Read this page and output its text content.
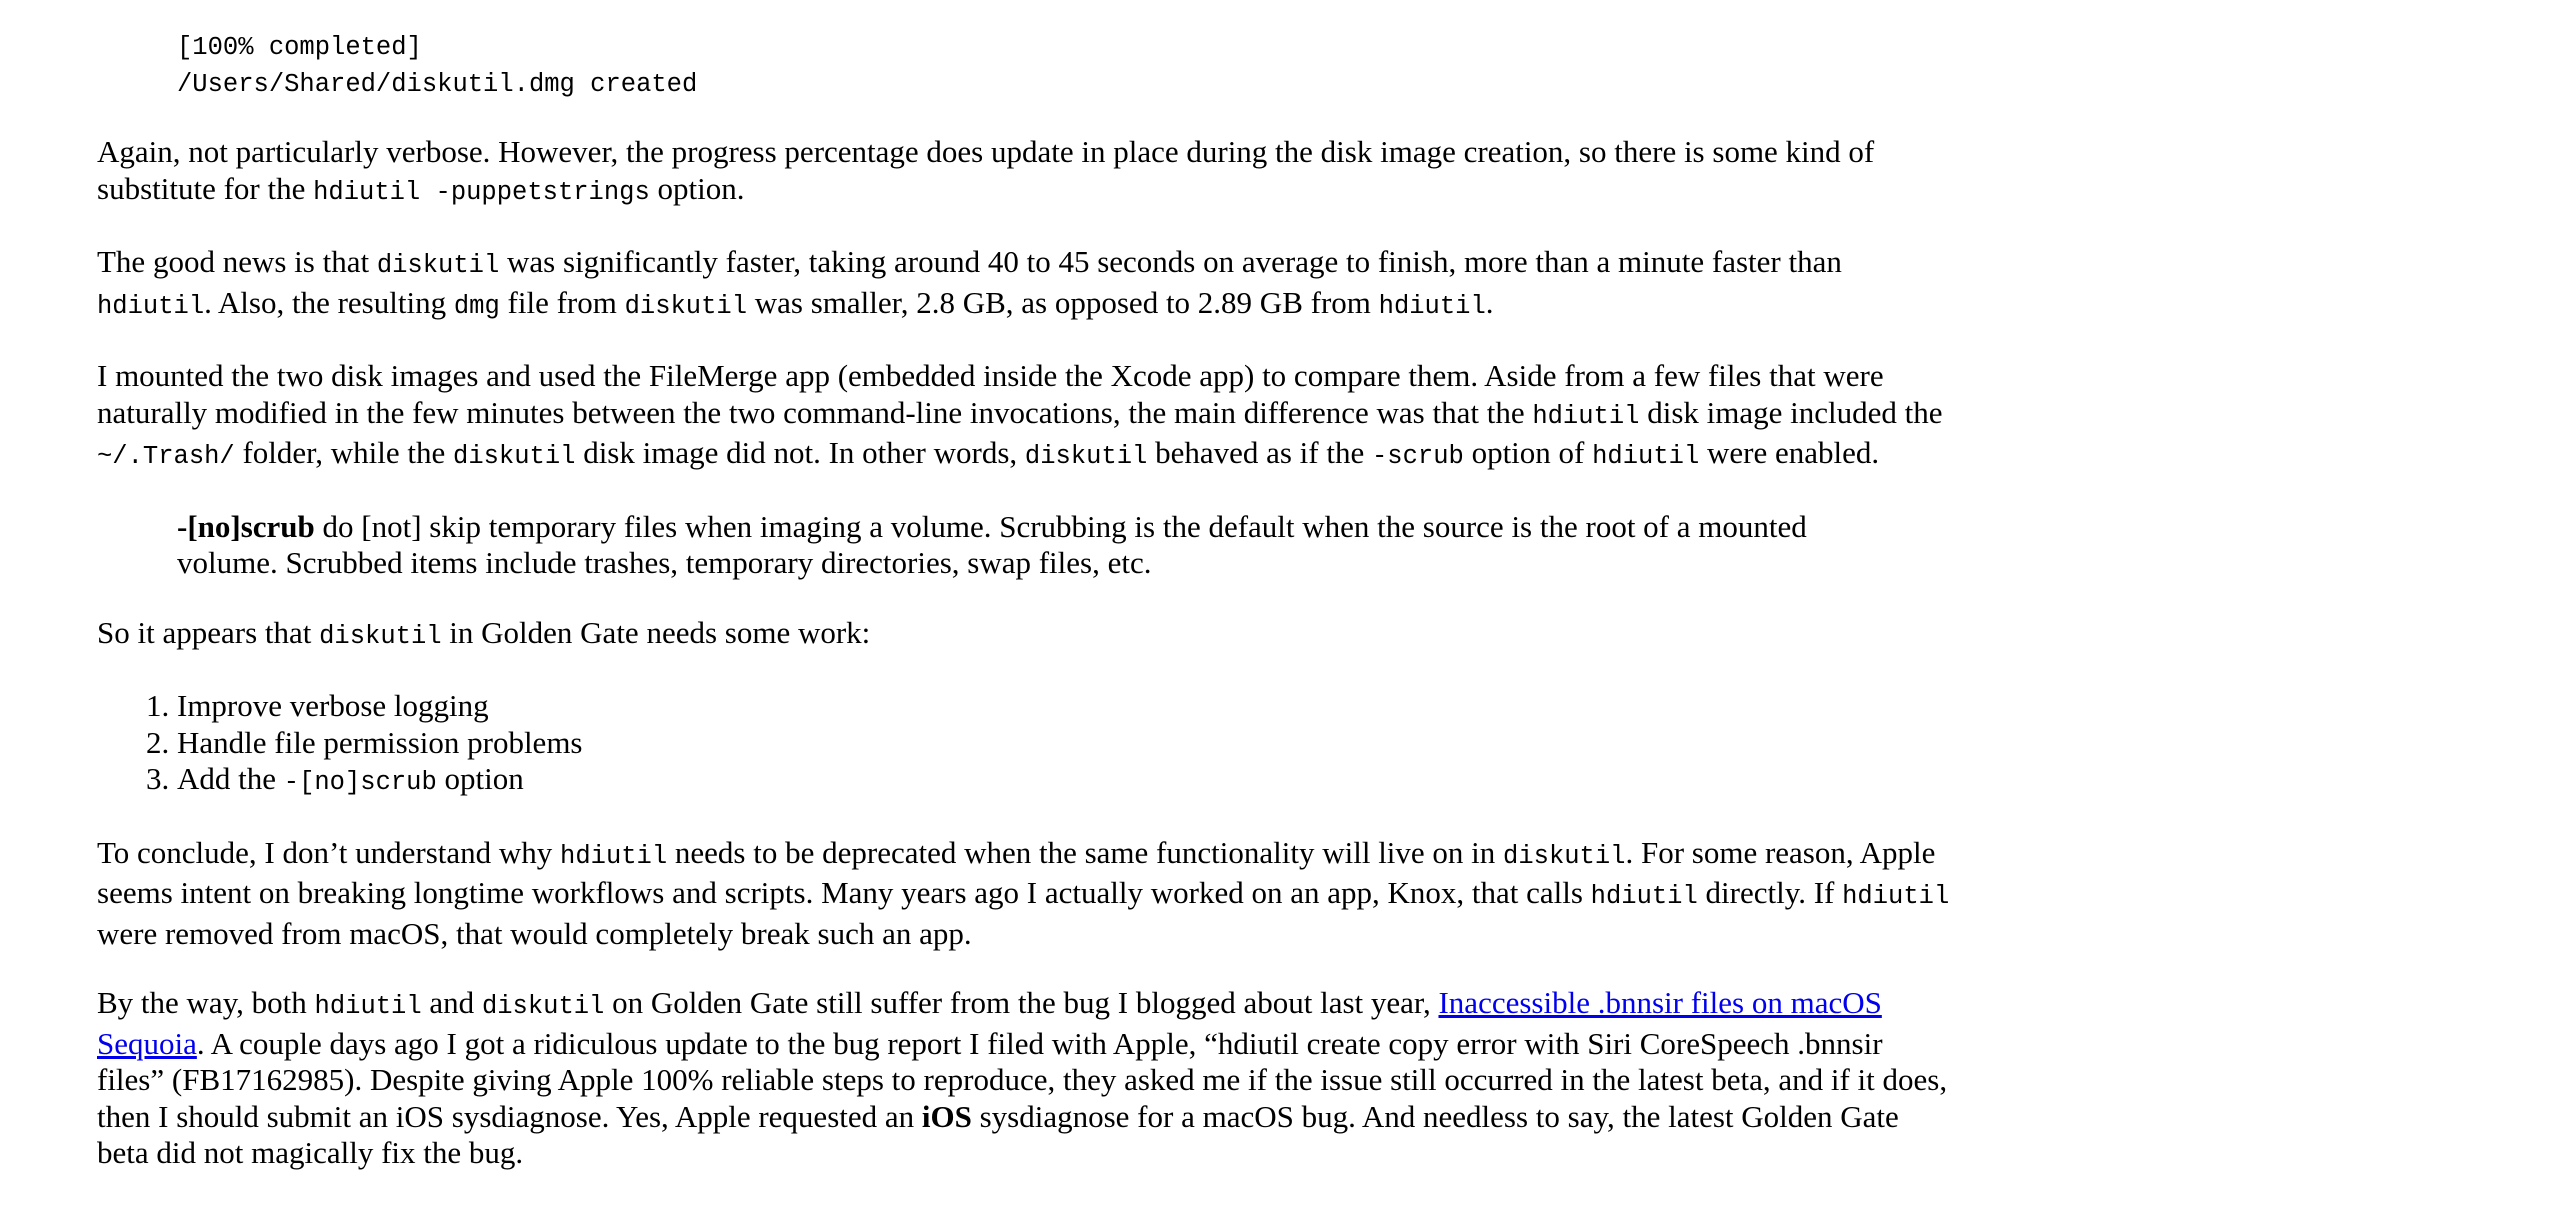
[100% completed]
/Users/Shared/diskutil.dmg created

Again, not particularly verbose. However, the progress percentage does update in place during the disk image creation, so there is some kind of substitute for the hdiutil -puppetstrings option.

The good news is that diskutil was significantly faster, taking around 40 to 45 seconds on average to finish, more than a minute faster than hdiutil. Also, the resulting dmg file from diskutil was smaller, 2.8 GB, as opposed to 2.89 GB from hdiutil.

I mounted the two disk images and used the FileMerge app (embedded inside the Xcode app) to compare them. Aside from a few files that were naturally modified in the few minutes between the two command-line invocations, the main difference was that the hdiutil disk image included the ~/.Trash/ folder, while the diskutil disk image did not. In other words, diskutil behaved as if the -scrub option of hdiutil were enabled.

-[no]scrub do [not] skip temporary files when imaging a volume. Scrubbing is the default when the source is the root of a mounted volume. Scrubbed items include trashes, temporary directories, swap files, etc.

So it appears that diskutil in Golden Gate needs some work:

1. Improve verbose logging
2. Handle file permission problems
3. Add the -[no]scrub option

To conclude, I don’t understand why hdiutil needs to be deprecated when the same functionality will live on in diskutil. For some reason, Apple seems intent on breaking longtime workflows and scripts. Many years ago I actually worked on an app, Knox, that calls hdiutil directly. If hdiutil were removed from macOS, that would completely break such an app.

By the way, both hdiutil and diskutil on Golden Gate still suffer from the bug I blogged about last year, Inaccessible .bnnsir files on macOS Sequoia. A couple days ago I got a ridiculous update to the bug report I filed with Apple, “hdiutil create copy error with Siri CoreSpeech .bnnsir files” (FB17162985). Despite giving Apple 100% reliable steps to reproduce, they asked me if the issue still occurred in the latest beta, and if it does, then I should submit an iOS sysdiagnose. Yes, Apple requested an iOS sysdiagnose for a macOS bug. And needless to say, the latest Golden Gate beta did not magically fix the bug.
